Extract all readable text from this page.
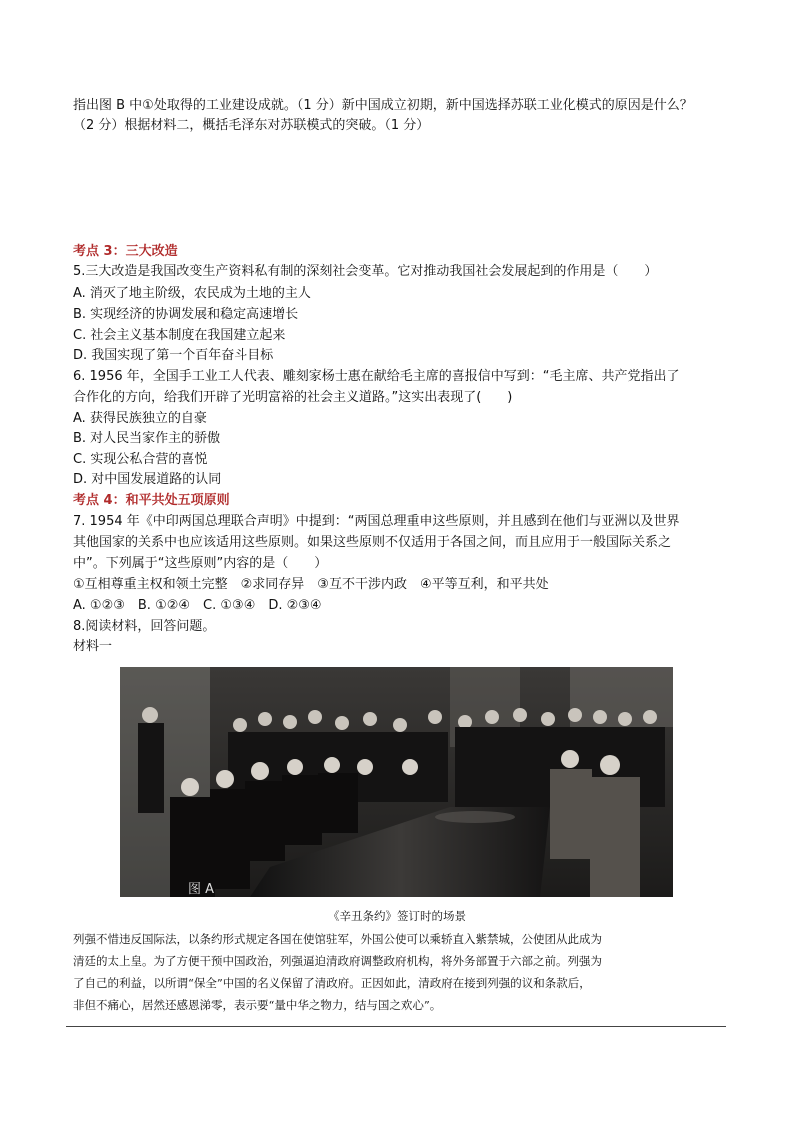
指出图 B 中①处取得的工业建设成就。（1 分）新中国成立初期，新中国选择苏联工业化模式的原因是什么？
（2 分）根据材料二，概括毛泽东对苏联模式的突破。（1 分）
考点 3：三大改造
5.三大改造是我国改变生产资料私有制的深刻社会变革。它对推动我国社会发展起到的作用是（　　）
A. 消灭了地主阶级，农民成为土地的主人
B. 实现经济的协调发展和稳定高速增长
C. 社会主义基本制度在我国建立起来
D. 我国实现了第一个百年奋斗目标
6. 1956 年，全国手工业工人代表、雕刻家杨士惠在献给毛主席的喜报信中写到：“毛主席、共产党指出了
合作化的方向，给我们开辟了光明富裕的社会主义道路。”这实出表现了(　　)
A. 获得民族独立的自豪
B. 对人民当家作主的骄傲
C. 实现公私合营的喜悦
D. 对中国发展道路的认同
考点 4：和平共处五项原则
7. 1954 年《中印两国总理联合声明》中提到：“两国总理重申这些原则，并且感到在他们与亚洲以及世界
其他国家的关系中也应该适用这些原则。如果这些原则不仅适用于各国之间，而且应用于一般国际关系之
中”。下列属于“这些原则”内容的是（　　）
①互相尊重主权和领土完整　②求同存异　③互不干涉内政　④平等互利，和平共处
A. ①②③　B. ①②④　C. ①③④　D. ②③④
8.阅读材料，回答问题。
材料一
图 A
《辛丑条约》签订时的场景
列强不惜违反国际法，以条约形式规定各国在使馆驻军，外国公使可以乘轿直入紫禁城，公使团从此成为
清廷的太上皇。为了方便干预中国政治，列强逼迫清政府调整政府机构，将外务部置于六部之前。列强为
了自己的利益，以所谓“保全”中国的名义保留了清政府。正因如此，清政府在接到列强的议和条款后，
非但不痛心，居然还感恩涕零，表示要“量中华之物力，结与国之欢心”。
